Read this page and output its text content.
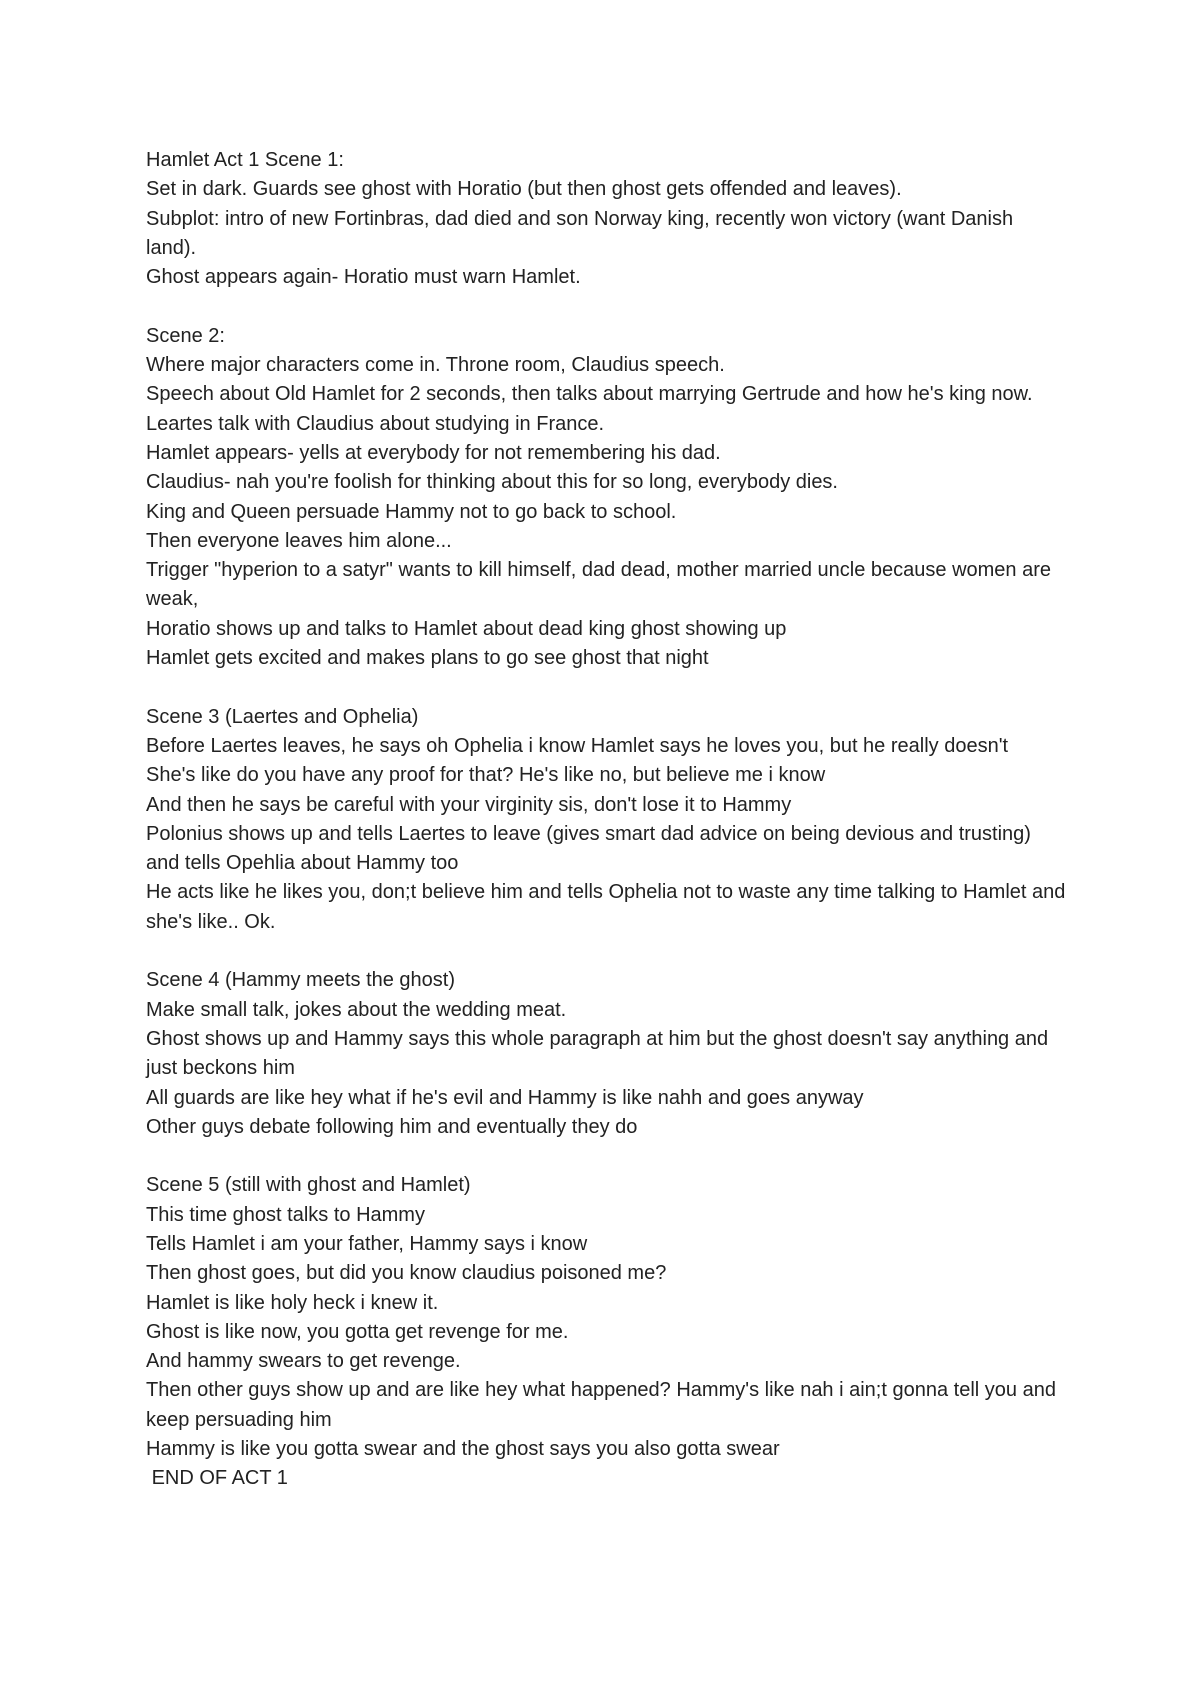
Hamlet Act 1 Scene 1:
Set in dark. Guards see ghost with Horatio (but then ghost gets offended and leaves).
Subplot: intro of new Fortinbras, dad died and son Norway king, recently won victory (want Danish land).
Ghost appears again- Horatio must warn Hamlet.
Scene 2:
Where major characters come in. Throne room, Claudius speech.
Speech about Old Hamlet for 2 seconds, then talks about marrying Gertrude and how he's king now.
Leartes talk with Claudius about studying in France.
Hamlet appears- yells at everybody for not remembering his dad.
Claudius- nah you're foolish for thinking about this for so long, everybody dies.
King and Queen persuade Hammy not to go back to school.
Then everyone leaves him alone...
Trigger "hyperion to a satyr" wants to kill himself, dad dead, mother married uncle because women are weak,
Horatio shows up and talks to Hamlet about dead king ghost showing up
Hamlet gets excited and makes plans to go see ghost that night
Scene 3 (Laertes and Ophelia)
Before Laertes leaves, he says oh Ophelia i know Hamlet says he loves you, but he really doesn't
She's like do you have any proof for that? He's like no, but believe me i know
And then he says be careful with your virginity sis, don't lose it to Hammy
Polonius shows up and tells Laertes to leave (gives smart dad advice on being devious and trusting) and tells Opehlia about Hammy too
He acts like he likes you, don;t believe him and tells Ophelia not to waste any time talking to Hamlet and she's like.. Ok.
Scene 4 (Hammy meets the ghost)
Make small talk, jokes about the wedding meat.
Ghost shows up and Hammy says this whole paragraph at him but the ghost doesn't say anything and just beckons him
All guards are like hey what if he's evil and Hammy is like nahh and goes anyway
Other guys debate following him and eventually they do
Scene 5 (still with ghost and Hamlet)
This time ghost talks to Hammy
Tells Hamlet i am your father, Hammy says i know
Then ghost goes, but did you know claudius poisoned me?
Hamlet is like holy heck i knew it.
Ghost is like now, you gotta get revenge for me.
And hammy swears to get revenge.
Then other guys show up and are like hey what happened? Hammy's like nah i ain;t gonna tell you and keep persuading him
Hammy is like you gotta swear and the ghost says you also gotta swear
END OF ACT 1
